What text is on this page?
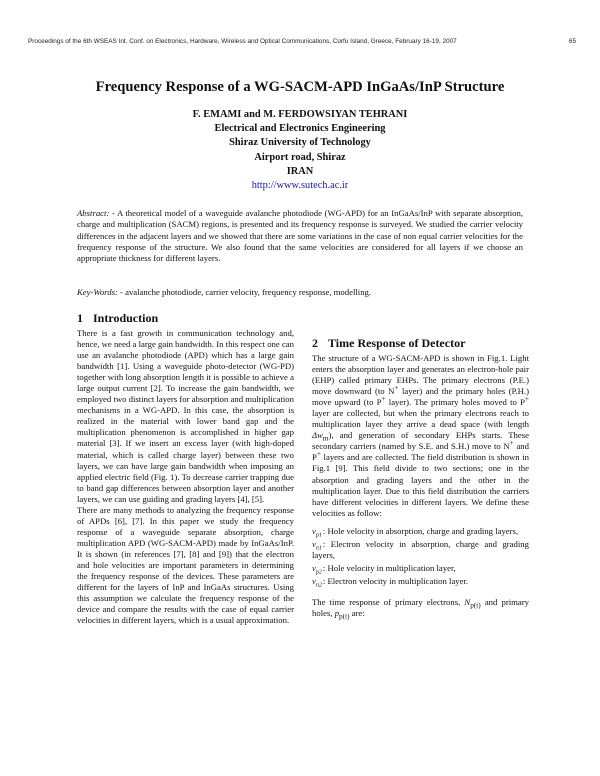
Proceedings of the 6th WSEAS Int. Conf. on Electronics, Hardware, Wireless and Optical Communications, Corfu Island, Greece, February 16-19, 2007	65
Frequency Response of a WG-SACM-APD InGaAs/InP Structure
F. EMAMI and M. FERDOWSIYAN TEHRANI
Electrical and Electronics Engineering
Shiraz University of Technology
Airport road, Shiraz
IRAN
http://www.sutech.ac.ir
Abstract: - A theoretical model of a waveguide avalanche photodiode (WG-APD) for an InGaAs/InP with separate absorption, charge and multiplication (SACM) regions, is presented and its frequency response is surveyed. We studied the carrier velocity differences in the adjacent layers and we showed that there are some variations in the case of non equal carrier velocities for the frequency response of the structure. We also found that the same velocities are considered for all layers if we choose an appropriate thickness for different layers.
Key-Words: - avalanche photodiode, carrier velocity, frequency response, modelling.
1 Introduction

There is a fast growth in communication technology and, hence, we need a large gain bandwidth. In this respect one can use an avalanche photodiode (APD) which has a large gain bandwidth [1]. Using a waveguide photo-detector (WG-PD) together with long absorption length it is possible to achieve a large output current [2]. To increase the gain bandwidth, we employed two distinct layers for absorption and multiplication mechanisms in a WG-APD. In this case, the absorption is realized in the material with lower band gap and the multiplication phenomenon is accomplished in higher gap material [3]. If we insert an excess layer (with high-doped material, which is called charge layer) between these two layers, we can have large gain bandwidth when imposing an applied electric field (Fig. 1). To decrease carrier trapping due to band gap differences between absorption layer and another layers, we can use guiding and grading layers [4], [5].

There are many methods to analyzing the frequency response of APDs [6], [7]. In this paper we study the frequency response of a waveguide separate absorption, charge multiplication APD (WG-SACM-APD) made by InGaAs/InP. It is shown (in references [7], [8] and [9]) that the electron and hole velocities are important parameters in determining the frequency response of the devices. These parameters are different for the layers of InP and InGaAs structures. Using this assumption we calculate the frequency response of the device and compare the results with the case of equal carrier velocities in different layers, which is a usual approximation.

2 Time Response of Detector

The structure of a WG-SACM-APD is shown in Fig.1. Light enters the absorption layer and generates an electron-hole pair (EHP) called primary EHPs. The primary electrons (P.E.) move downward (to N+ layer) and the primary holes (P.H.) move upward (to P+ layer). The primary holes moved to P+ layer are collected, but when the primary electrons reach to multiplication layer they arrive a dead space (with length $\Delta w_m$), and generation of secondary EHPs starts. These secondary carriers (named by S.E. and S.H.) move to N+ and P+ layers and are collected. The field distribution is shown in Fig.1 [9]. This field divide to two sections; one in the absorption and grading layers and the other in the multiplication layer. Due to this field distribution the carriers have different velocities in different layers. We define these velocities as follow:

$v_{p1}$: Hole velocity in absorption, charge and grading layers,

$v_{n1}$: Electron velocity in absorption, charge and grading layers,

$v_{p2}$: Hole velocity in multiplication layer,

$v_{n2}$: Electron velocity in multiplication layer.

The time response of primary electrons, $N_{p(t)}$ and primary holes, $p_{p(t)}$ are:
